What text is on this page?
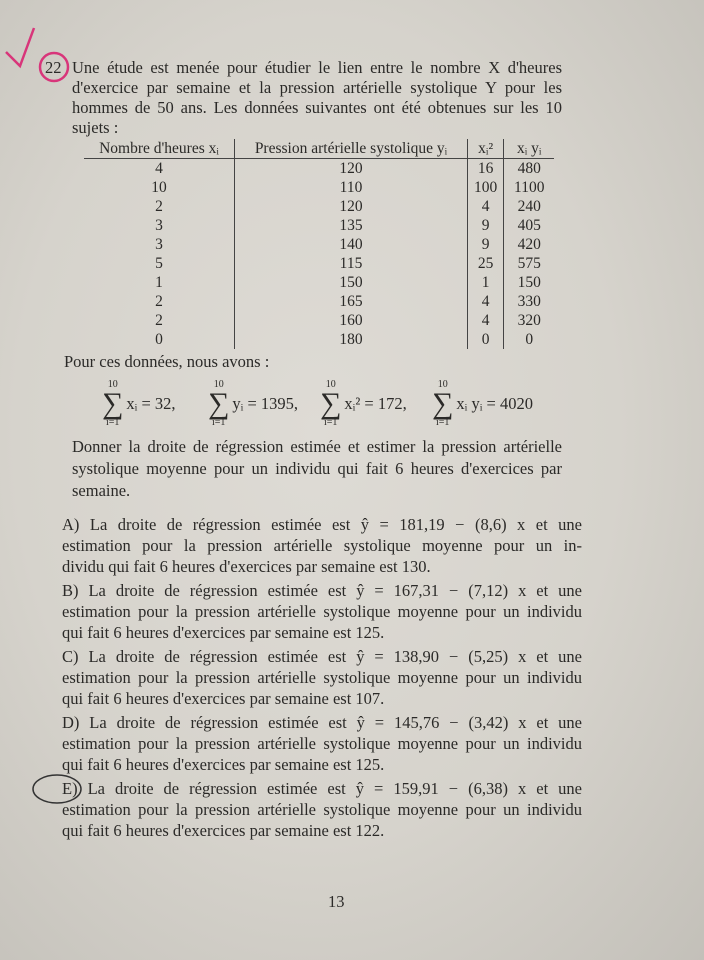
22 Une étude est menée pour étudier le lien entre le nombre X d'heures
d'exercice par semaine et la pression artérielle systolique Y pour les
hommes de 50 ans. Les données suivantes ont été obtenues sur les 10
sujets :
Nombre d'heures xᵢ	Pression artérielle systolique yᵢ	xᵢ²	xᵢ yᵢ
4	120	16	480
10	110	100	1100
2	120	4	240
3	135	9	405
3	140	9	420
5	115	25	575
1	150	1	150
2	165	4	330
2	160	4	320
0	180	0	0
Pour ces données, nous avons :
10
∑
i=1
xᵢ = 32,
10
∑
i=1
yᵢ = 1395,
10
∑
i=1
xᵢ² = 172,
10
∑
i=1
xᵢ yᵢ = 4020
Donner la droite de régression estimée et estimer la pression artérielle
systolique moyenne pour un individu qui fait 6 heures d'exercices par
semaine.
A) La droite de régression estimée est ŷ = 181,19 − (8,6) x et une
estimation pour la pression artérielle systolique moyenne pour un in-
dividu qui fait 6 heures d'exercices par semaine est 130.
B) La droite de régression estimée est ŷ = 167,31 − (7,12) x et une
estimation pour la pression artérielle systolique moyenne pour un individu
qui fait 6 heures d'exercices par semaine est 125.
C) La droite de régression estimée est ŷ = 138,90 − (5,25) x et une
estimation pour la pression artérielle systolique moyenne pour un individu
qui fait 6 heures d'exercices par semaine est 107.
D) La droite de régression estimée est ŷ = 145,76 − (3,42) x et une
estimation pour la pression artérielle systolique moyenne pour un individu
qui fait 6 heures d'exercices par semaine est 125.
E) La droite de régression estimée est ŷ = 159,91 − (6,38) x et une
estimation pour la pression artérielle systolique moyenne pour un individu
qui fait 6 heures d'exercices par semaine est 122.
13
